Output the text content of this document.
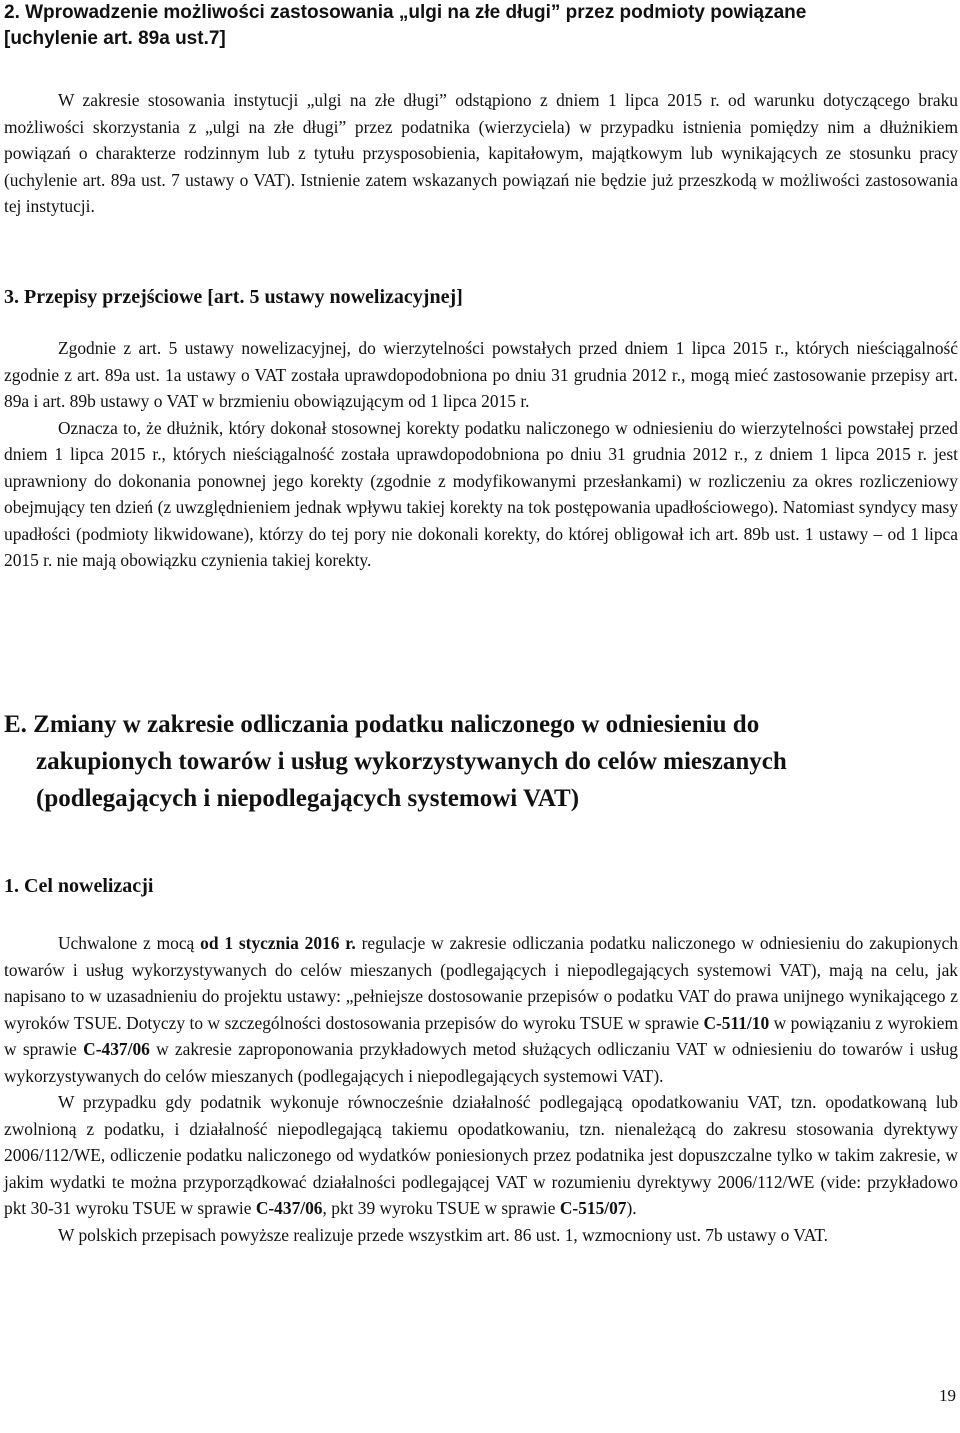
2. Wprowadzenie możliwości zastosowania „ulgi na złe długi” przez podmioty powiązane
[uchylenie art. 89a ust.7]

W zakresie stosowania instytucji „ulgi na złe długi” odstąpiono z dniem 1 lipca 2015 r. od warunku dotyczącego braku możliwości skorzystania z „ulgi na złe długi” przez podatnika (wierzyciela) w przypadku istnienia pomiędzy nim a dłużnikiem powiązań o charakterze rodzinnym lub z tytułu przysposobienia, kapitałowym, majątkowym lub wynikających ze stosunku pracy (uchylenie art. 89a ust. 7 ustawy o VAT). Istnienie zatem wskazanych powiązań nie będzie już przeszkodą w możliwości zastosowania tej instytucji.

3. Przepisy przejściowe [art. 5 ustawy nowelizacyjnej]

Zgodnie z art. 5 ustawy nowelizacyjnej, do wierzytelności powstałych przed dniem 1 lipca 2015 r., których nieściągalność zgodnie z art. 89a ust. 1a ustawy o VAT została uprawdopodobniona po dniu 31 grudnia 2012 r., mogą mieć zastosowanie przepisy art. 89a i art. 89b ustawy o VAT w brzmieniu obowiązującym od 1 lipca 2015 r.

Oznacza to, że dłużnik, który dokonał stosownej korekty podatku naliczonego w odniesieniu do wierzytelności powstałej przed dniem 1 lipca 2015 r., których nieściągalność została uprawdopodobniona po dniu 31 grudnia 2012 r., z dniem 1 lipca 2015 r. jest uprawniony do dokonania ponownej jego korekty (zgodnie z modyfikowanymi przesłankami) w rozliczeniu za okres rozliczeniowy obejmujący ten dzień (z uwzględnieniem jednak wpływu takiej korekty na tok postępowania upadłościowego). Natomiast syndycy masy upadłości (podmioty likwidowane), którzy do tej pory nie dokonali korekty, do której obligował ich art. 89b ust. 1 ustawy – od 1 lipca 2015 r. nie mają obowiązku czynienia takiej korekty.

E. Zmiany w zakresie odliczania podatku naliczonego w odniesieniu do
zakupionych towarów i usług wykorzystywanych do celów mieszanych
(podlegających i niepodlegających systemowi VAT)
1. Cel nowelizacji

Uchwalone z mocą od 1 stycznia 2016 r. regulacje w zakresie odliczania podatku naliczonego w odniesieniu do zakupionych towarów i usług wykorzystywanych do celów mieszanych (podlegających i niepodlegających systemowi VAT), mają na celu, jak napisano to w uzasadnieniu do projektu ustawy: „pełniejsze dostosowanie przepisów o podatku VAT do prawa unijnego wynikającego z wyroków TSUE. Dotyczy to w szczególności dostosowania przepisów do wyroku TSUE w sprawie C-511/10 w powiązaniu z wyrokiem w sprawie C-437/06 w zakresie zaproponowania przykładowych metod służących odliczaniu VAT w odniesieniu do towarów i usług wykorzystywanych do celów mieszanych (podlegających i niepodlegających systemowi VAT).

W przypadku gdy podatnik wykonuje równocześnie działalność podlegającą opodatkowaniu VAT, tzn. opodatkowaną lub zwolnioną z podatku, i działalność niepodlegającą takiemu opodatkowaniu, tzn. nienależącą do zakresu stosowania dyrektywy 2006/112/WE, odliczenie podatku naliczonego od wydatków poniesionych przez podatnika jest dopuszczalne tylko w takim zakresie, w jakim wydatki te można przyporządkować działalności podlegającej VAT w rozumieniu dyrektywy 2006/112/WE (vide: przykładowo pkt 30-31 wyroku TSUE w sprawie C-437/06, pkt 39 wyroku TSUE w sprawie C-515/07).

W polskich przepisach powyższe realizuje przede wszystkim art. 86 ust. 1, wzmocniony ust. 7b ustawy o VAT.

19
